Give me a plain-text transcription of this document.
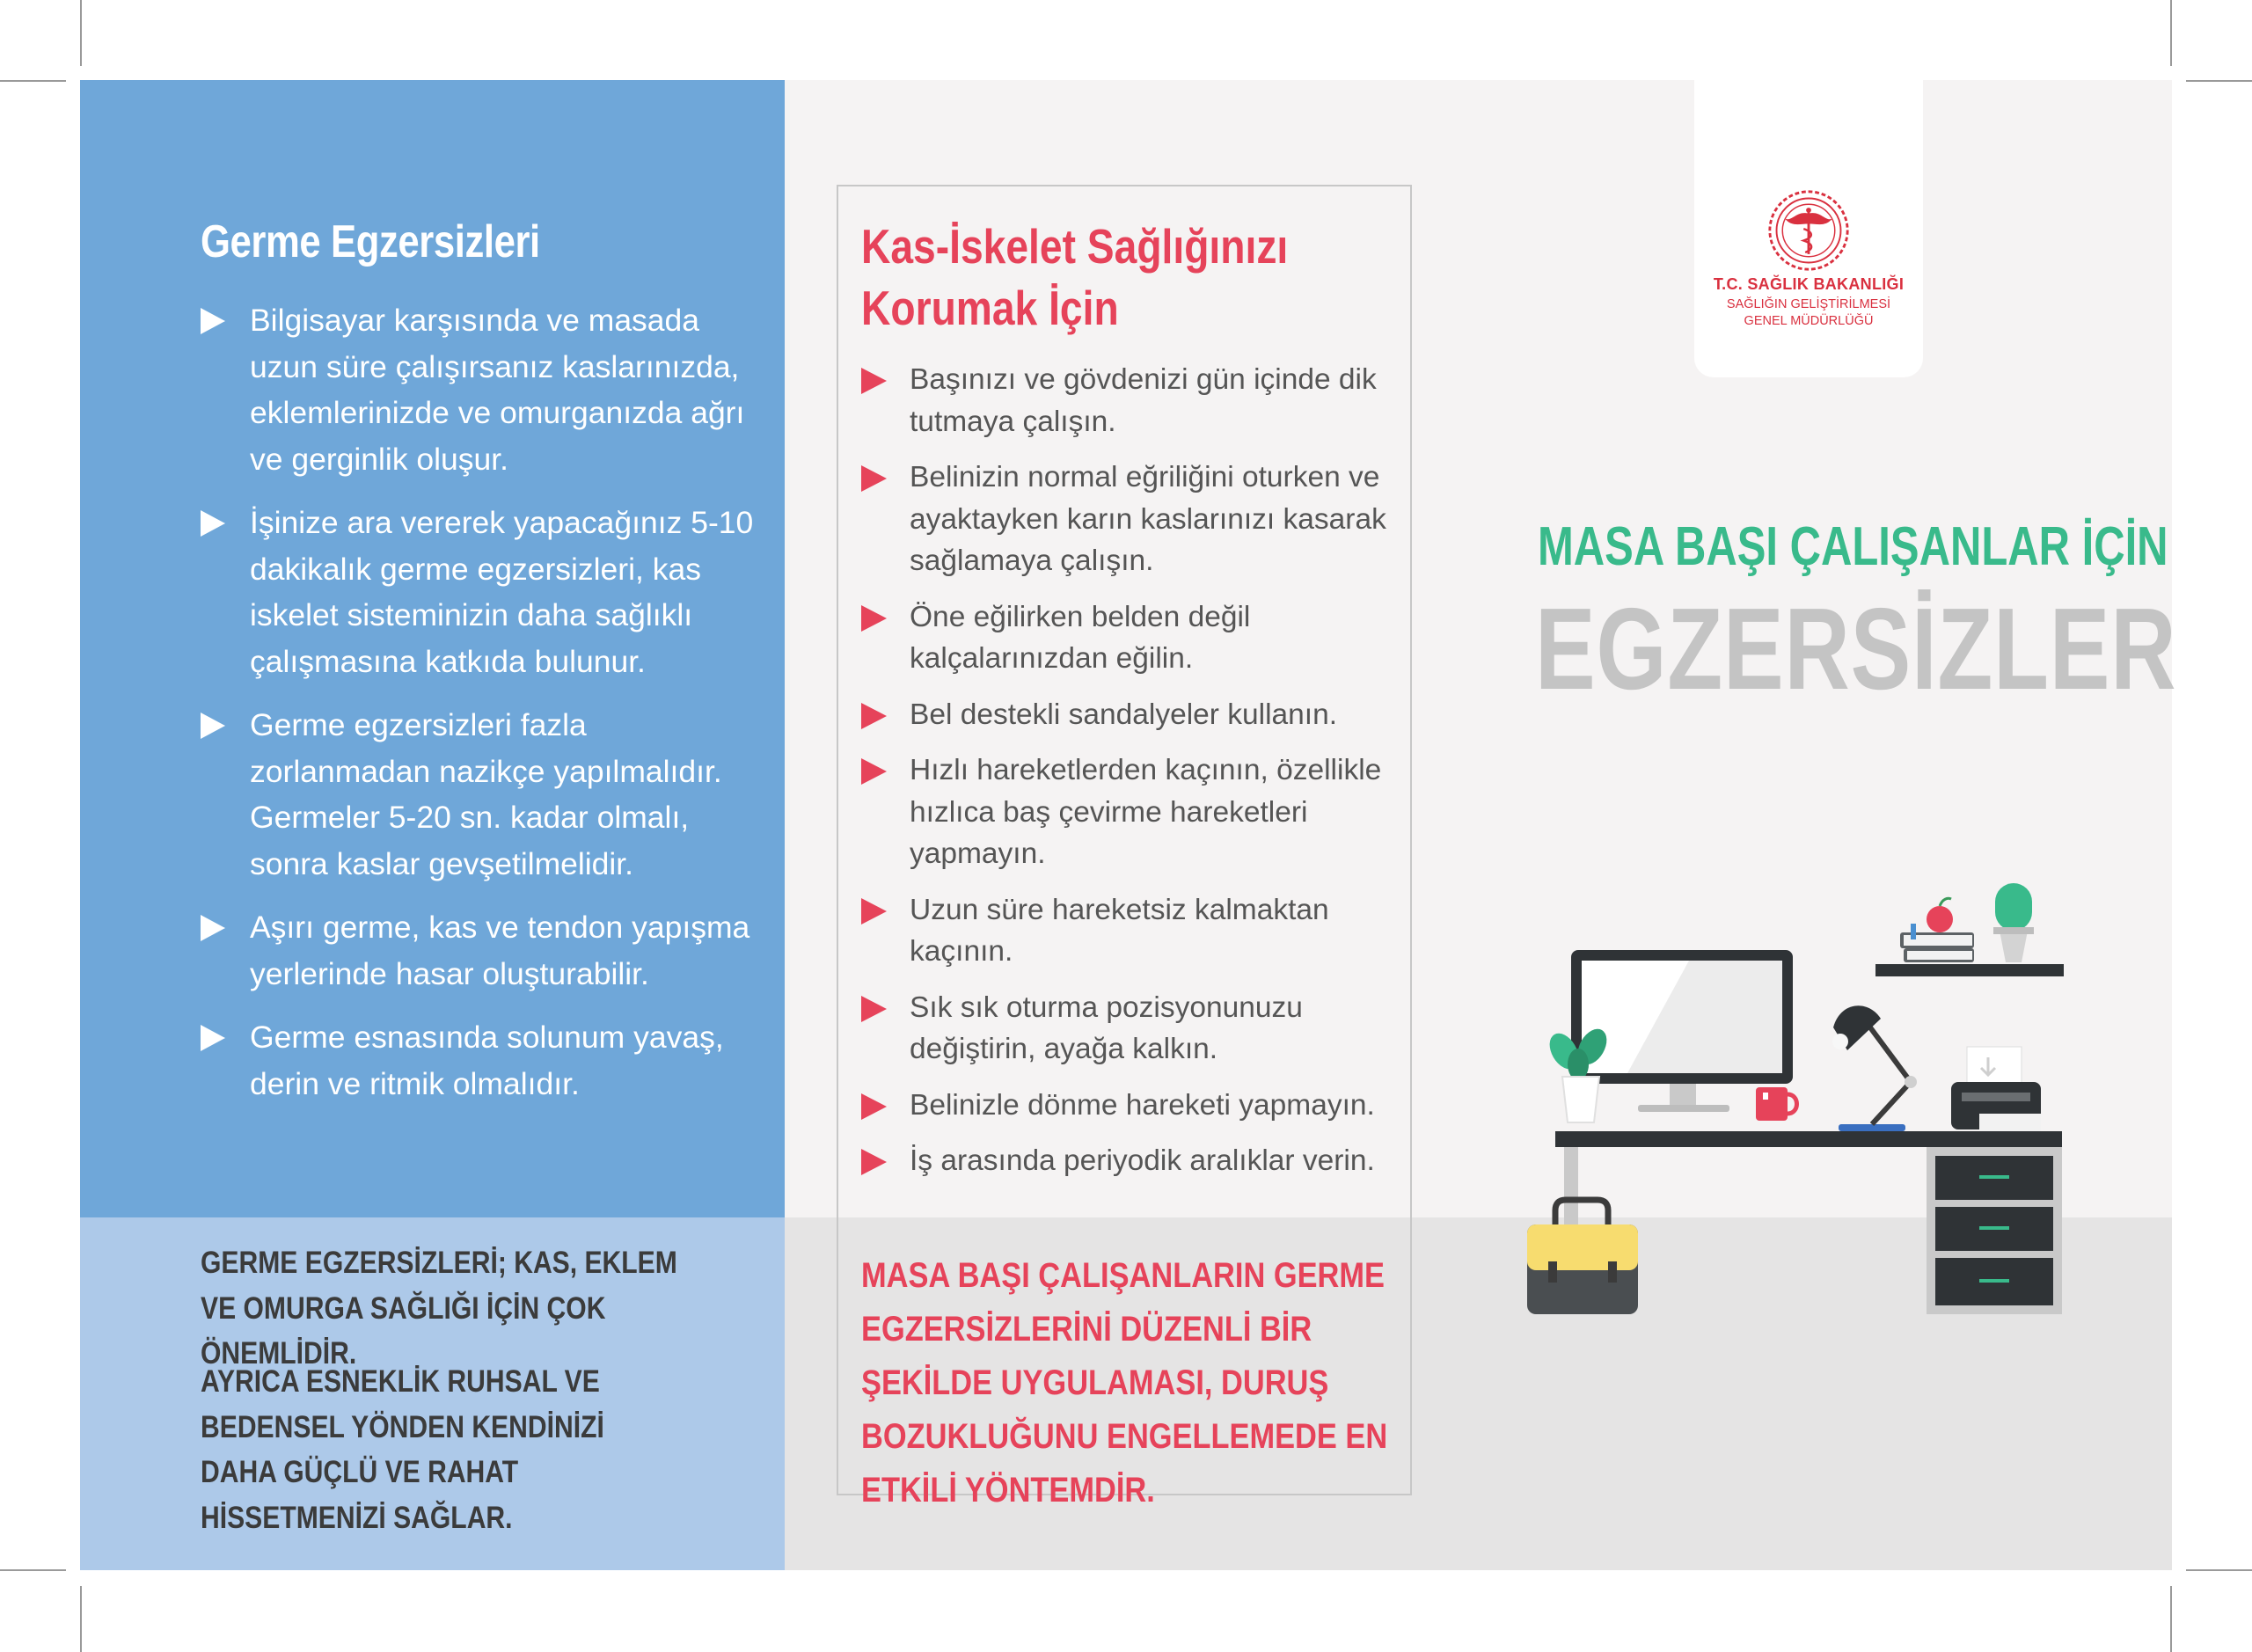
Germe Egzersizleri
Bilgisayar karşısında ve masada uzun süre çalışırsanız kaslarınızda, eklemlerinizde ve omurganızda ağrı ve gerginlik oluşur.
İşinize ara vererek yapacağınız 5-10 dakikalık germe egzersizleri, kas iskelet sisteminizin daha sağlıklı çalışmasına katkıda bulunur.
Germe egzersizleri fazla zorlanmadan nazikçe yapılmalıdır. Germeler 5-20 sn. kadar olmalı, sonra kaslar gevşetilmelidir.
Aşırı germe, kas ve tendon yapışma yerlerinde hasar oluşturabilir.
Germe esnasında solunum yavaş, derin ve ritmik olmalıdır.
GERME EGZERSİZLERİ; KAS, EKLEM VE OMURGA SAĞLIĞI İÇİN ÇOK ÖNEMLİDİR.
AYRICA ESNEKLİK RUHSAL VE BEDENSEL YÖNDEN KENDİNİZİ DAHA GÜÇLÜ VE RAHAT HİSSETMENİZİ SAĞLAR.
Kas-İskelet Sağlığınızı
Korumak İçin
Başınızı ve gövdenizi gün içinde dik tutmaya çalışın.
Belinizin normal eğriliğini oturken ve ayaktayken karın kaslarınızı kasarak sağlamaya çalışın.
Öne eğilirken belden değil kalçalarınızdan eğilin.
Bel destekli sandalyeler kullanın.
Hızlı hareketlerden kaçının, özellikle hızlıca baş çevirme hareketleri yapmayın.
Uzun süre hareketsiz kalmaktan kaçının.
Sık sık oturma pozisyonunuzu değiştirin, ayağa kalkın.
Belinizle dönme hareketi yapmayın.
İş arasında periyodik aralıklar verin.
MASA BAŞI ÇALIŞANLARIN GERME EGZERSİZLERİNİ DÜZENLİ BİR ŞEKİLDE UYGULAMASI, DURUŞ BOZUKLUĞUNU ENGELLEMEDE EN ETKİLİ YÖNTEMDİR.
T.C. SAĞLIK BAKANLIĞI
SAĞLIĞIN GELİŞTİRİLMESİ
GENEL MÜDÜRLÜĞÜ
MASA BAŞI ÇALIŞANLAR İÇİN
EGZERSİZLER
